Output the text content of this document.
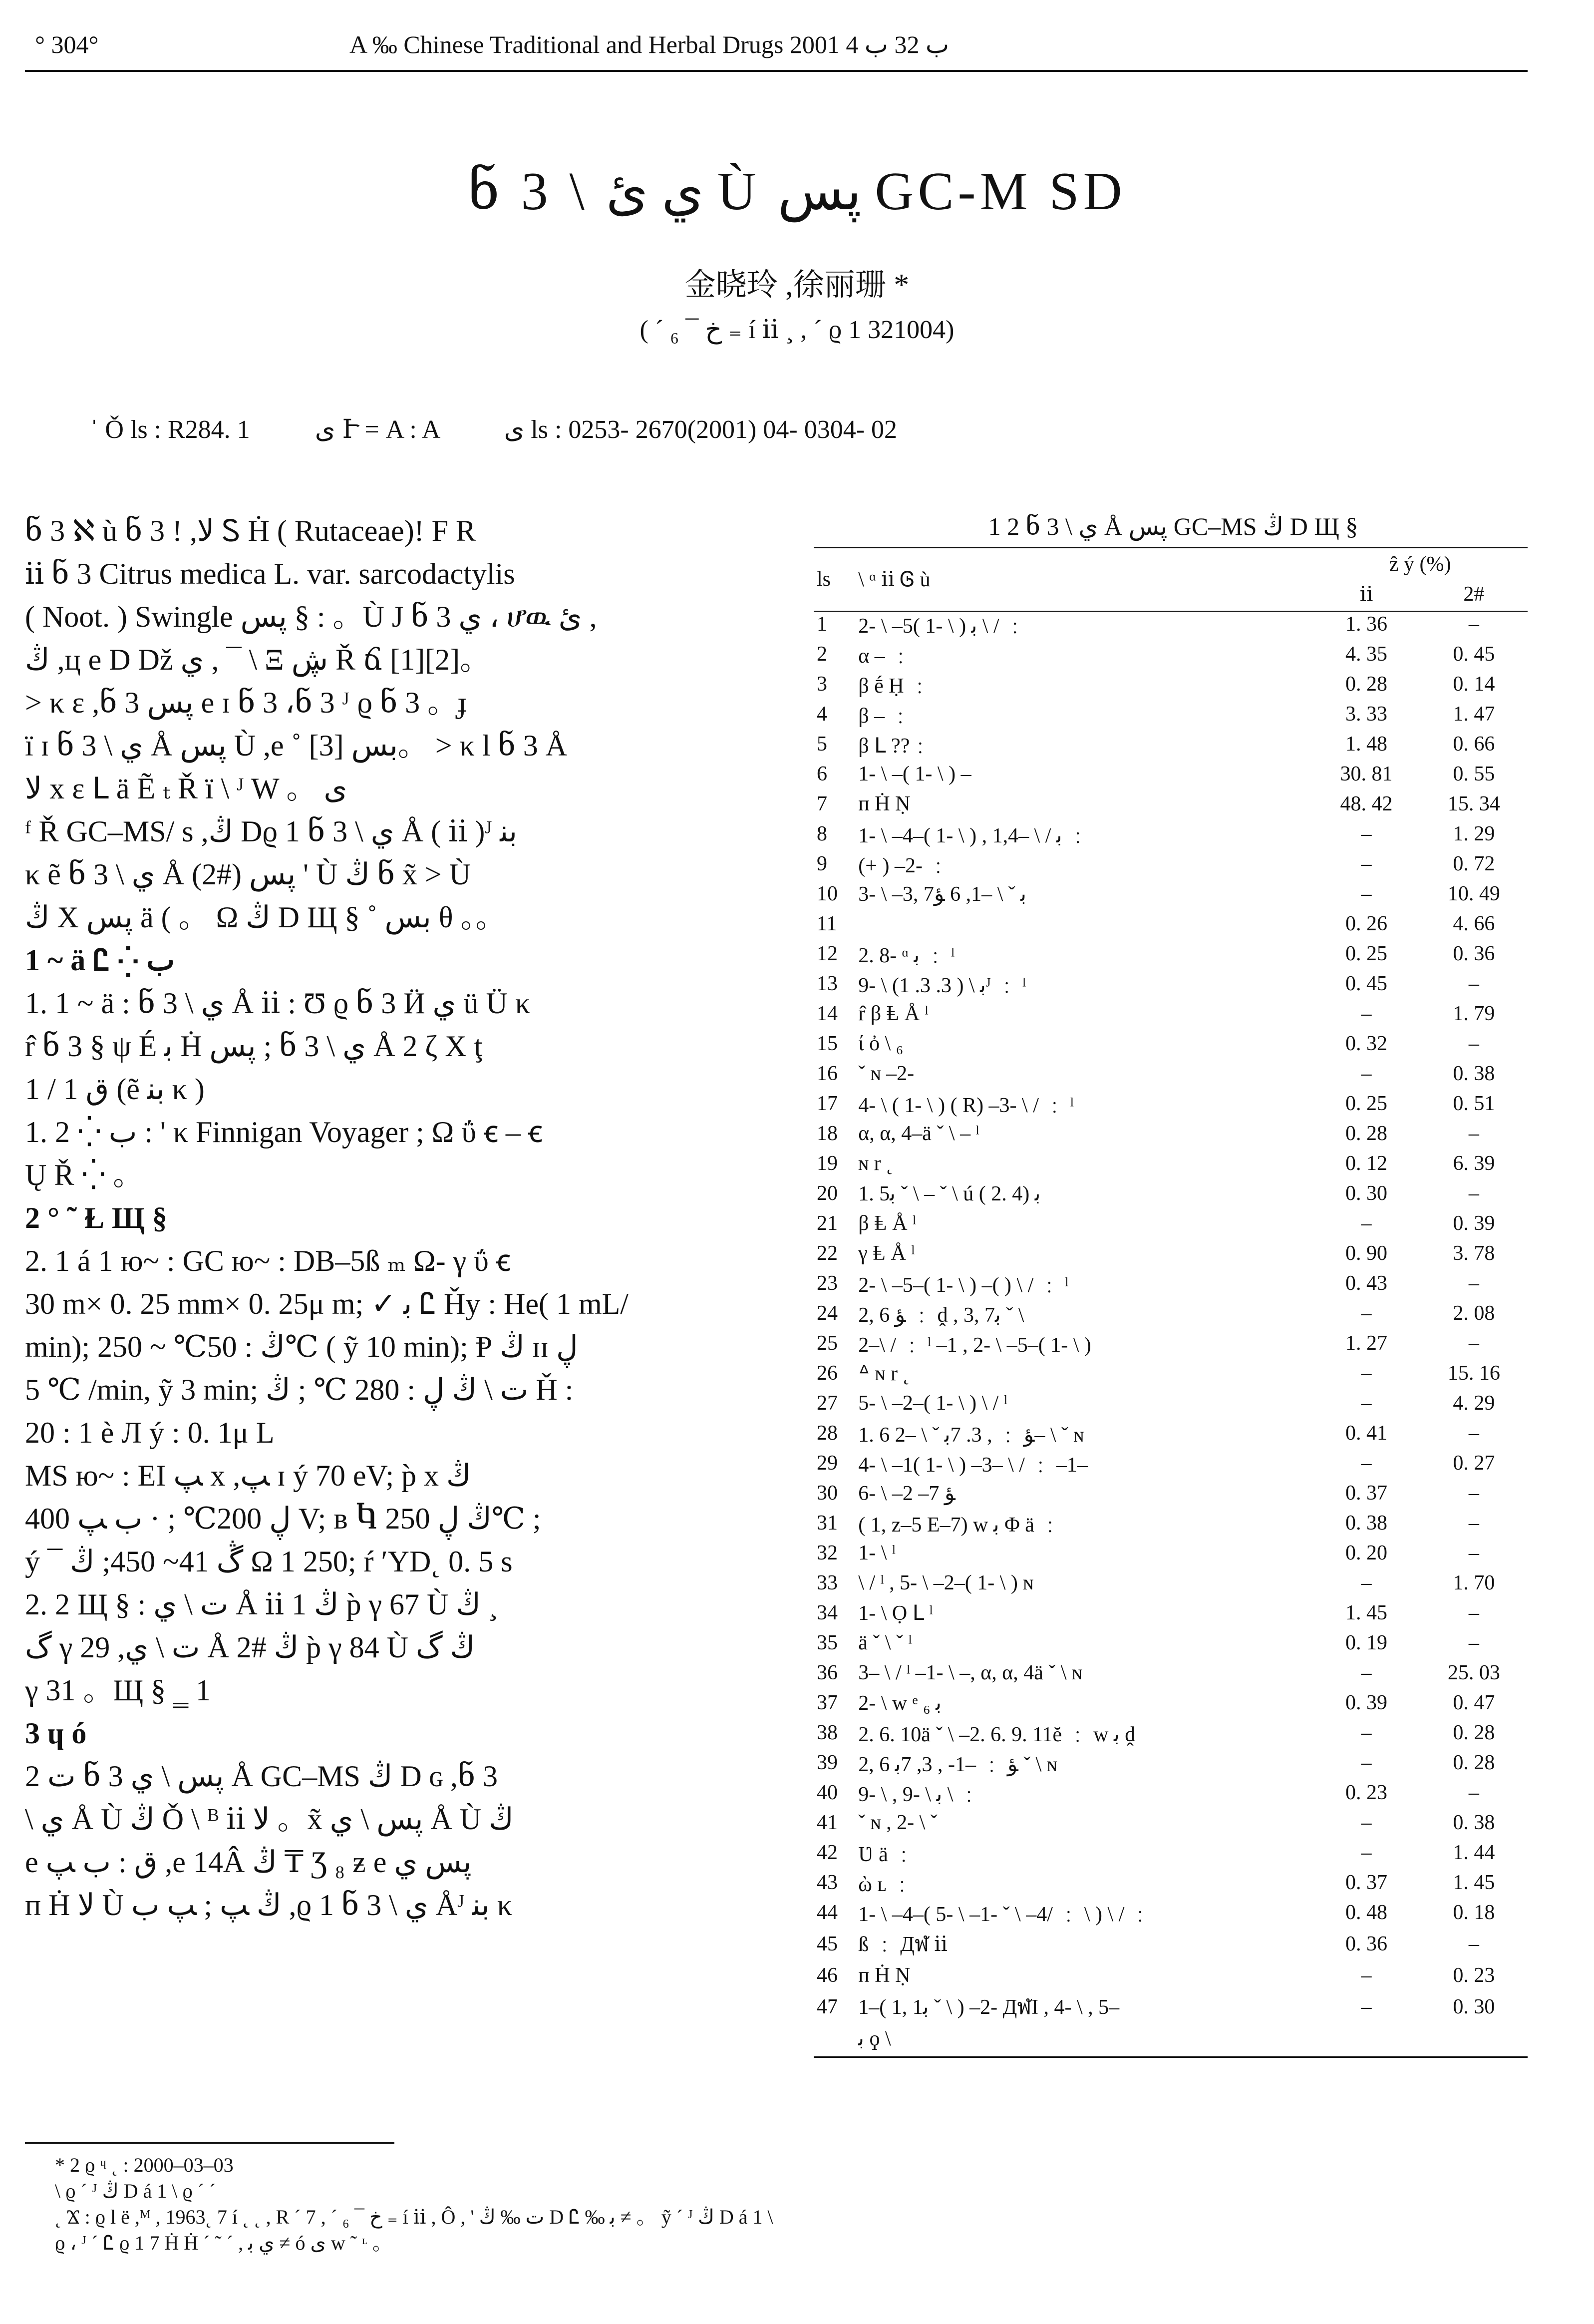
° 304°	A ‰ Chinese Traditional and Herbal Drugs 2001 ب 32 ب 4
ნ 3 \ ي ئ Ù پس GC-M SD
金晓玲 ,徐丽珊 *
( ´ ₆ ¯ خ ₌ í ⅱ ¸ , ´ ϱ 1 321004)
ˈ Ǒ ls : R284. 1	ى Ւ = A : A	ى ls : 0253- 2670(2001) 04- 0304- 02

ნ 3 ℵ ù ნ 3 ! ,ﻻ Ꮪ Ḣ ( Rutaceae)! F R

ⅱ ნ 3 Citrus medica L. var. sarcodactylis

( Noot. ) Swingle پس § : 。Ù J ნ 3 ي ، ሆዉ ئ ,

ڭ ,ц e D Dž ي , ¯ \ Ξ ڜ Ř ճ [1][2]。

> κ ε ,ნ 3 پس e ɪ ნ 3 ،ნ 3 ᴶ ϱ ნ 3 。ɟ

ï ɪ ნ 3 \ ي Å پس Ù ,e ˚ ﺑﺲ [3]。 > κ l ნ 3 Å

ﻻ x ε ꓡ ä Ẽ ₜ Ř ï \ ᴶ W 。 ى

ᶠ Ř GC–MS/ s ,ڭ Dϱ 1 ნ 3 \ ي Å ( ⅱ )ᴶ ﺑﻨ

κ ẽ ნ 3 \ ي Å (2#) پس ' Ù ڭ ნ x̃ > Ù

ڭ X پس ä ( 。 Ω ڭ D Щ § ˚ ﺑﺲ θ 。。

1 ~ ä Ꮭ ⁛ ب

1. 1 ~ ä : ნ 3 \ ي Å ⅱ : Ʊ ϱ ნ 3 Ӥ ي ü Ü κ

r̂ ნ 3 § ψ É ﺑ Ḣ پس ; ნ 3 \ ي Å 2 ζ X ţ

1 / 1 ق (ẽ ﺑﻨ κ )

1. 2 ⁛ ب : ' κ Finnigan Voyager ; Ω ΰ ꞓ – ꞓ

Ų Ř ⁛ 。

2 ° ˜ Ɫ Щ §

2. 1 á 1 ю~ : GC ю~ : DB–5ß ₘ Ω- γ ΰ ꞓ

30 m× 0. 25 mm× 0. 25μ m; ✓ ﺑ Ꮭ Ȟy : He( 1 mL/

min); ڭ : 50℃ ~ 250℃ ( ỹ 10 min); Ᵽ ڭ ɪɪ ڸ

5 ℃ /min, ỹ 3 min; ت \ ڭ ڸ : 280 ℃ ; ڭ Ȟ :

20 : 1 è Л ý : 0. 1μ L

MS ю~ : EI ﭗ x ,ﭗ ɪ ý 70 eV; p̀ x ڭ

ڸ 200℃ ; · ب ﭗ 400 V; ʙ Ⴉ ڭ ڸ 250℃ ;

ý ¯ ڴ 41~ 450; ڭ Ω 1 250; ŕ ʹYD˛ 0. 5 s

2. 2 Щ § : ت \ ي Å ⅱ 1 ڭ p̀ γ 67 Ù ڭ ¸

گ γ 29 ,ت \ ي Å 2# ڭ p̀ γ 84 Ù ڭ گ

γ 31 。Щ § ‗ 1

3 ɥ ó

ت 2 ნ 3 پس \ ي Å GC–MS ڭ D ɢ ,ნ 3

\ ي Å Ù ڭ Ǒ \ ᴮ ⅱ ﻻ 。x̃ پس \ ي Å Ù ڭ

e ق : ب ﭗ ,e 14Â ڭ ₸ Ʒ ₈ ƶ e پس ي

п Ḣ ﻻ Ù ڭ ﭗ ; ﭗ ب ,ϱ 1 ნ 3 \ ي Åᴶ ﺑﻨ κ

1 2 ნ 3 \ ي Å پس GC–MS ڭ D Щ §
ls	\ ᵅ ⅱ Ꮆ ù	ẑ ý (%)	
		ⅱ	2#
1	2- \ –5( 1- \ ) ﺑ \ / ﹕	1. 36	–
2	α – ﹕	4. 35	0. 45
3	β ḗ Ḥ ﹕	0. 28	0. 14
4	β – ﹕	3. 33	1. 47
5	β ꓡ ??﹕	1. 48	0. 66
6	1- \ –( 1- \ ) –	30. 81	0. 55
7	п Ḣ Ṇ	48. 42	15. 34
8	1- \ –4–( 1- \ ) , 1,4– \ / ﺑ ﹕	–	1. 29
9	(+ ) –2- ﹕	–	0. 72
10	3- \ –3, 7ﺑ ˇ \ –1, 6 ﺆ	–	10. 49
11		0. 26	4. 66
12	2. 8- ᵅ ﺑ ﹕ ˡ	0. 25	0. 36
13	9- \ ﺑ \ ( 3. 3. 1)ᴶ ﹕ ˡ	0. 45	–
14	r̂ β Ⱡ Å ˡ	–	1. 79
15	ί ὀ \ ₆	0. 32	–
16	ˇ ɴ –2-	–	0. 38
17	4- \ ( 1- \ ) ( R) –3- \ / ﹕ ˡ	0. 25	0. 51
18	α, α, 4–ä ˇ \ – ˡ	0. 28	–
19	ɴ r ˛	0. 12	6. 39
20	1. 5ﺑ ˇ \ – ˇ \ ú ( 2. 4) ﺑ	0. 30	–
21	β Ⱡ Å ˡ	–	0. 39
22	γ Ⱡ Å ˡ	0. 90	3. 78
23	2- \ –5–( 1- \ ) –( ) \ / ﹕ ˡ	0. 43	–
24	2, 6 ﺆ ﹕ ḓ , 3, 7ﺑ ˇ \	–	2. 08
25	2–\ / ﹕ ˡ –1 , 2- \ –5–( 1- \ )	1. 27	–
26	ᐞ ɴ r ˛	–	15. 16
27	5- \ –2–( 1- \ ) \ / ˡ	–	4. 29
28	1. 6 ﺆ ﹕ , 3. 7ﺑ ˇ \ –2– \ ˇ ɴ	0. 41	–
29	4- \ –1( 1- \ ) –3– \ / ﹕ –1–	–	0. 27
30	6- \ –2 –7 ﺆ	0. 37	–
31	( 1, z–5 E–7) w ﺑ Φ ä ﹕	0. 38	–
32	1- \ ˡ	0. 20	–
33	\ / ˡ , 5- \ –2–( 1- \ ) ɴ	–	1. 70
34	1- \ Ọ ꓡ ˡ	1. 45	–
35	ä ˇ \ ˇ ˡ	0. 19	–
36	3– \ / ˡ –1- \ –, α, α, 4ä ˇ \ ɴ	–	25. 03
37	2- \ w ᵉ ﺑ ₆	0. 39	0. 47
38	2. 6. 10ä ˇ \ –2. 6. 9. 11ĕ ﹕ w ﺑ ḓ	–	0. 28
39	2, 6 ﺆ ﹕ –1- , 3, 7ﺑ ˇ \ ɴ	–	0. 28
40	9- \ , 9- \ ﺑ \ ﹕	0. 23	–
41	ˇ ɴ , 2- \ ˇ	–	0. 38
42	Ʋ ä ﹕	–	1. 44
43	ὼ ʟ ﹕	0. 37	1. 45
44	1- \ –4–( 5- \ –1- ˇ \ –4/ ﹕ \ ) \ / ﹕	0. 48	0. 18
45	ß ﹕ Дฬ ⅱ	0. 36	–
46	п Ḣ Ṇ	–	0. 23
47	1–( 1, 1ﺑ ˇ \ ) –2- ДฬI , 4- \ , 5–	–	0. 30
	ﺑ ϙ \		
* 2 ϱ ᶣ ˛ : 2000–03–03
\ ϱ ´ ᴶ ڭ D á 1 \ ϱ ´ ´
˛ Ϫ : ϱ l ë ,ᴹ , 1963˛ 7 í ˛ ˛ , R ´ 7 , ´ ₆ ¯ خ ₌ í ⅱ , Ô , ' ت ‰ ڭ D Ꮭ ‰ ﺑ ≠ 。 ỹ ´ ᴶ ڭ D á 1 \
ϱ ، ᴶ ´ Ꮭ ϱ 1 7 Ḣ Ḣ ´ ˜ ´ , ي ﺑ ≠ ó ى w ˜ ᶫ 。
